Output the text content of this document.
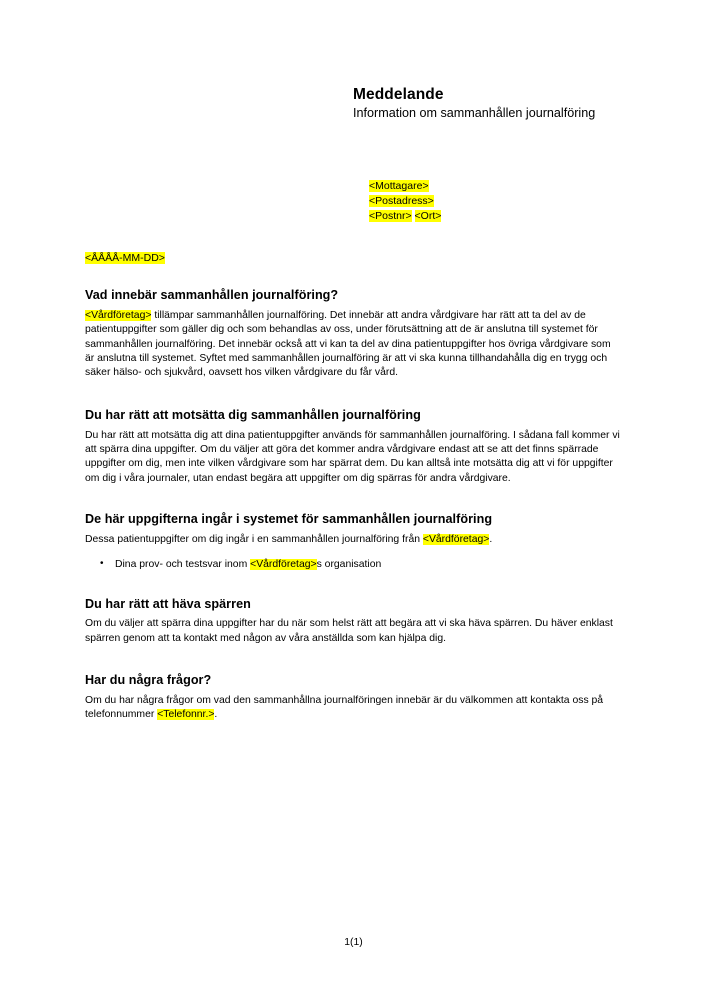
Meddelande
Information om sammanhållen journalföring
<Mottagare>
<Postadress>
<Postnr> <Ort>
<ÅÅÅÅ-MM-DD>
Vad innebär sammanhållen journalföring?

<Vårdföretag> tillämpar sammanhållen journalföring. Det innebär att andra vårdgivare har rätt att ta del av de patientuppgifter som gäller dig och som behandlas av oss, under förutsättning att de är anslutna till systemet för sammanhållen journalföring. Det innebär också att vi kan ta del av dina patientuppgifter hos övriga vårdgivare som är anslutna till systemet. Syftet med sammanhållen journalföring är att vi ska kunna tillhandahålla dig en trygg och säker hälso- och sjukvård, oavsett hos vilken vårdgivare du får vård.

Du har rätt att motsätta dig sammanhållen journalföring

Du har rätt att motsätta dig att dina patientuppgifter används för sammanhållen journalföring. I sådana fall kommer vi att spärra dina uppgifter. Om du väljer att göra det kommer andra vårdgivare endast att se att det finns spärrade uppgifter om dig, men inte vilken vårdgivare som har spärrat dem. Du kan alltså inte motsätta dig att vi för uppgifter om dig i våra journaler, utan endast begära att uppgifter om dig spärras för andra vårdgivare.

De här uppgifterna ingår i systemet för sammanhållen journalföring

Dessa patientuppgifter om dig ingår i en sammanhållen journalföring från <Vårdföretag>.

• Dina prov- och testsvar inom <Vårdföretag>s organisation
Du har rätt att häva spärren

Om du väljer att spärra dina uppgifter har du när som helst rätt att begära att vi ska häva spärren. Du häver enklast spärren genom att ta kontakt med någon av våra anställda som kan hjälpa dig.

Har du några frågor?

Om du har några frågor om vad den sammanhållna journalföringen innebär är du välkommen att kontakta oss på telefonnummer <Telefonnr.>.

1(1)
